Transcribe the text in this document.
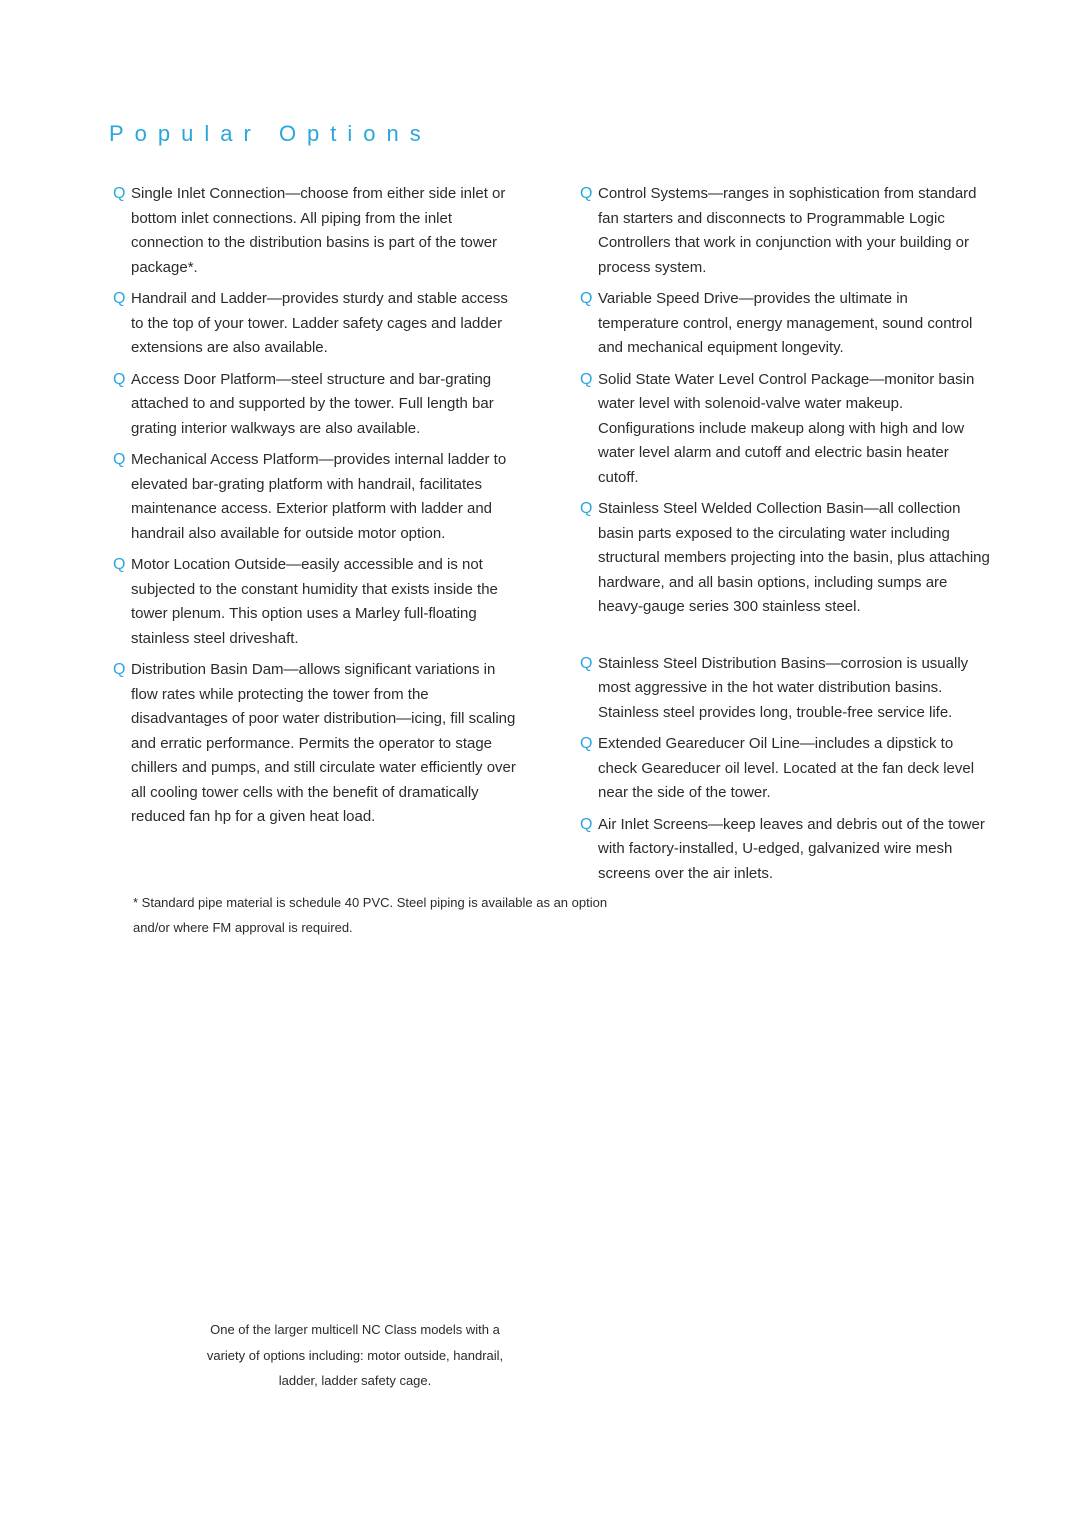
Popular Options
Q Single Inlet Connection—choose from either side inlet or bottom inlet connections. All piping from the inlet connection to the distribution basins is part of the tower package*.
Q Handrail and Ladder—provides sturdy and stable access to the top of your tower. Ladder safety cages and ladder extensions are also available.
Q Access Door Platform—steel structure and bar-grating attached to and supported by the tower. Full length bar grating interior walkways are also available.
Q Mechanical Access Platform—provides internal ladder to elevated bar-grating platform with handrail, facilitates maintenance access. Exterior platform with ladder and handrail also available for outside motor option.
Q Motor Location Outside—easily accessible and is not subjected to the constant humidity that exists inside the tower plenum. This option uses a Marley full-floating stainless steel driveshaft.
Q Distribution Basin Dam—allows significant variations in flow rates while protecting the tower from the disadvantages of poor water distribution—icing, fill scaling and erratic performance. Permits the operator to stage chillers and pumps, and still circulate water efficiently over all cooling tower cells with the benefit of dramatically reduced fan hp for a given heat load.
Q Control Systems—ranges in sophistication from standard fan starters and disconnects to Programmable Logic Controllers that work in conjunction with your building or process system.
Q Variable Speed Drive—provides the ultimate in temperature control, energy management, sound control and mechanical equipment longevity.
Q Solid State Water Level Control Package—monitor basin water level with solenoid-valve water makeup. Configurations include makeup along with high and low water level alarm and cutoff and electric basin heater cutoff.
Q Stainless Steel Welded Collection Basin—all collection basin parts exposed to the circulating water including structural members projecting into the basin, plus attaching hardware, and all basin options, including sumps are heavy-gauge series 300 stainless steel.
Q Stainless Steel Distribution Basins—corrosion is usually most aggressive in the hot water distribution basins. Stainless steel provides long, trouble-free service life.
Q Extended Geareducer Oil Line—includes a dipstick to check Geareducer oil level. Located at the fan deck level near the side of the tower.
Q Air Inlet Screens—keep leaves and debris out of the tower with factory-installed, U-edged, galvanized wire mesh screens over the air inlets.

* Standard pipe material is schedule 40 PVC. Steel piping is available as an option and/or where FM approval is required.

One of the larger multicell NC Class models with a variety of options including: motor outside, handrail, ladder, ladder safety cage.
